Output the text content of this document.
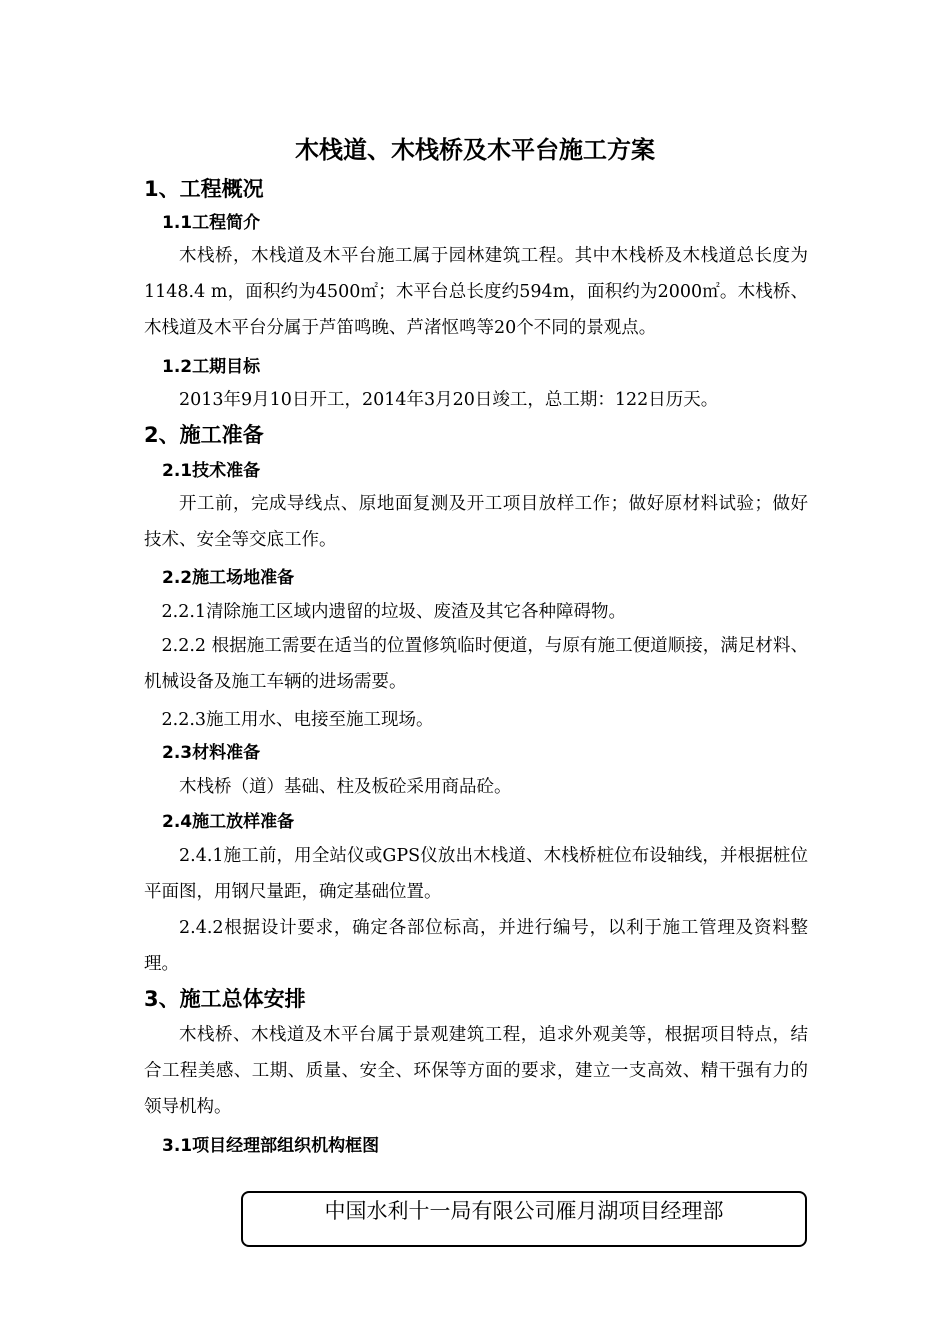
木栈道、木栈桥及木平台施工方案
1、工程概况
1.1工程简介

木栈桥，木栈道及木平台施工属于园林建筑工程。其中木栈桥及木栈道总长度为1148.4 m，面积约为4500㎡；木平台总长度约594m，面积约为2000㎡。木栈桥、木栈道及木平台分属于芦笛鸣晚、芦渚怄鸣等20个不同的景观点。

1.2工期目标

2013年9月10日开工，2014年3月20日竣工，总工期：122日历天。

2、施工准备
2.1技术准备

开工前，完成导线点、原地面复测及开工项目放样工作；做好原材料试验；做好技术、安全等交底工作。

2.2施工场地准备

2.2.1清除施工区域内遗留的垃圾、废渣及其它各种障碍物。

2.2.2 根据施工需要在适当的位置修筑临时便道，与原有施工便道顺接，满足材料、机械设备及施工车辆的进场需要。

2.2.3施工用水、电接至施工现场。

2.3材料准备

木栈桥（道）基础、柱及板砼采用商品砼。

2.4施工放样准备

2.4.1施工前，用全站仪或GPS仪放出木栈道、木栈桥桩位布设轴线，并根据桩位平面图，用钢尺量距，确定基础位置。

2.4.2根据设计要求，确定各部位标高，并进行编号，以利于施工管理及资料整理。

3、施工总体安排

木栈桥、木栈道及木平台属于景观建筑工程，追求外观美等，根据项目特点，结合工程美感、工期、质量、安全、环保等方面的要求，建立一支高效、精干强有力的领导机构。

3.1项目经理部组织机构框图
中国水利十一局有限公司雁月湖项目经理部
